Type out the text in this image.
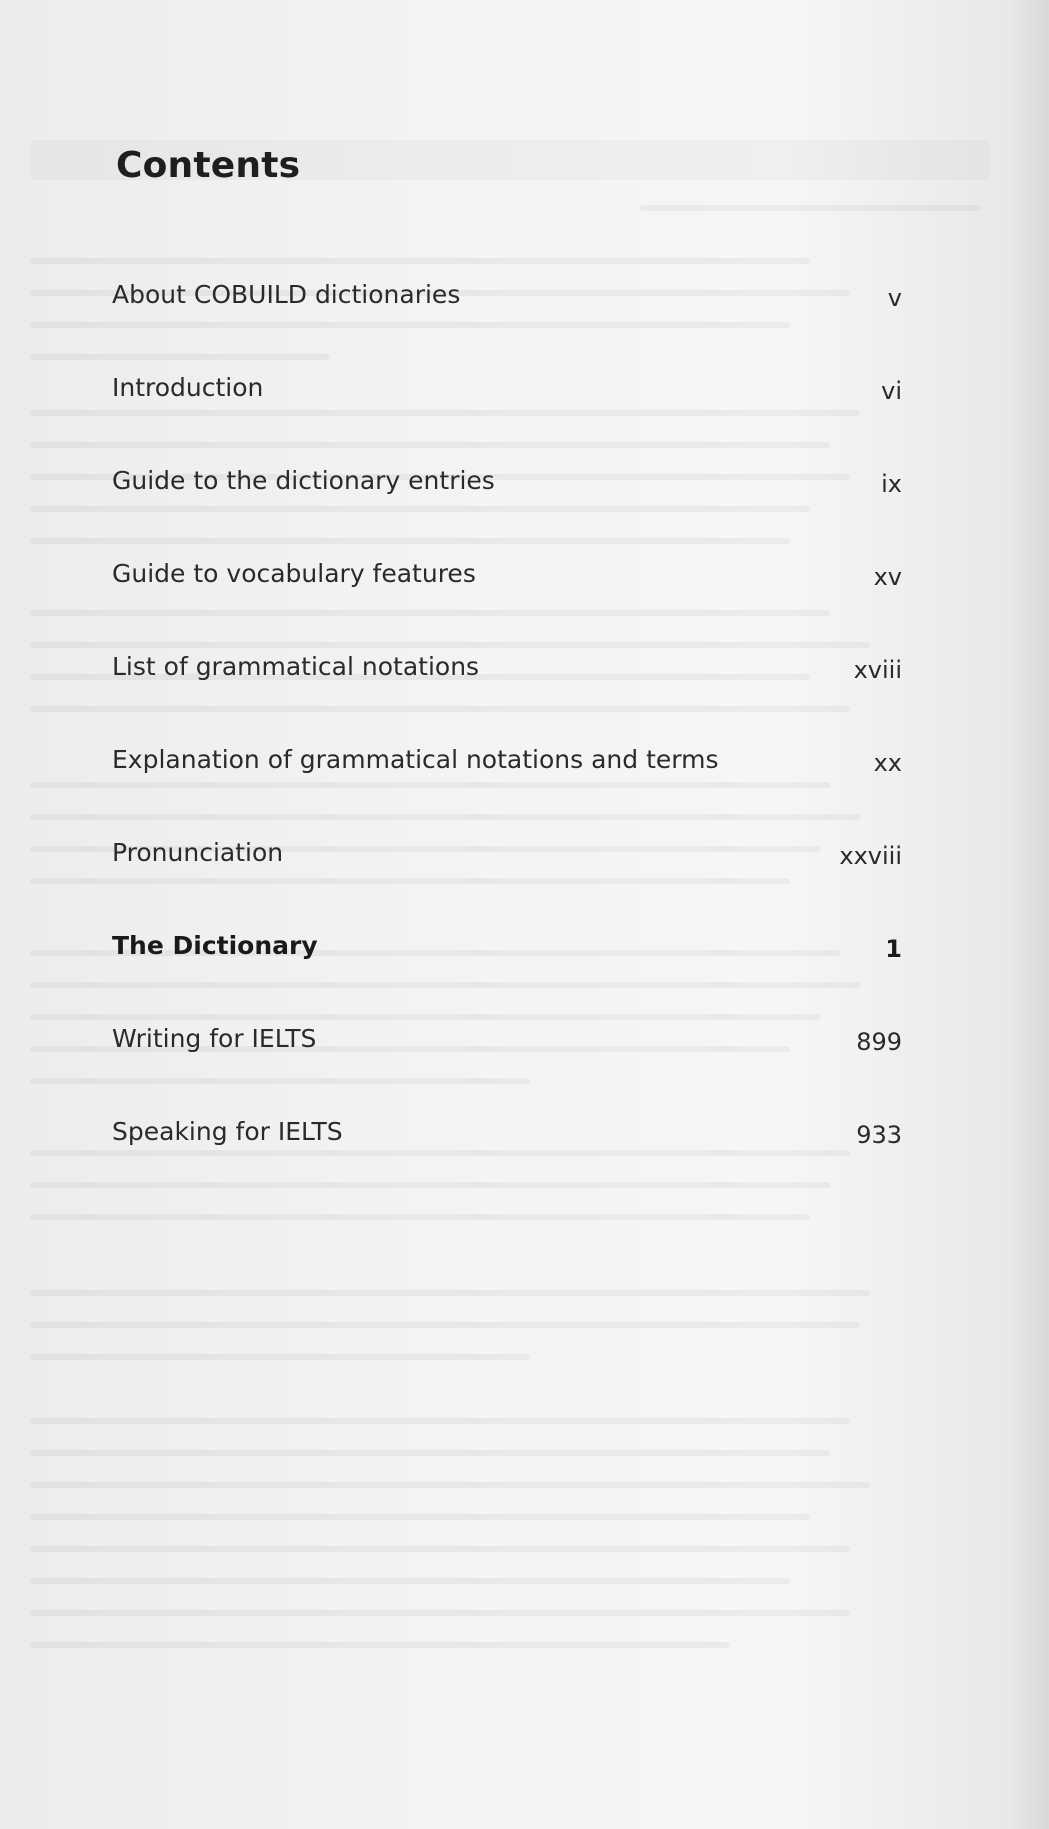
Contents
About COBUILD dictionaries	v
Introduction	vi
Guide to the dictionary entries	ix
Guide to vocabulary features	xv
List of grammatical notations	xviii
Explanation of grammatical notations and terms	xx
Pronunciation	xxviii
The Dictionary	1
Writing for IELTS	899
Speaking for IELTS	933
